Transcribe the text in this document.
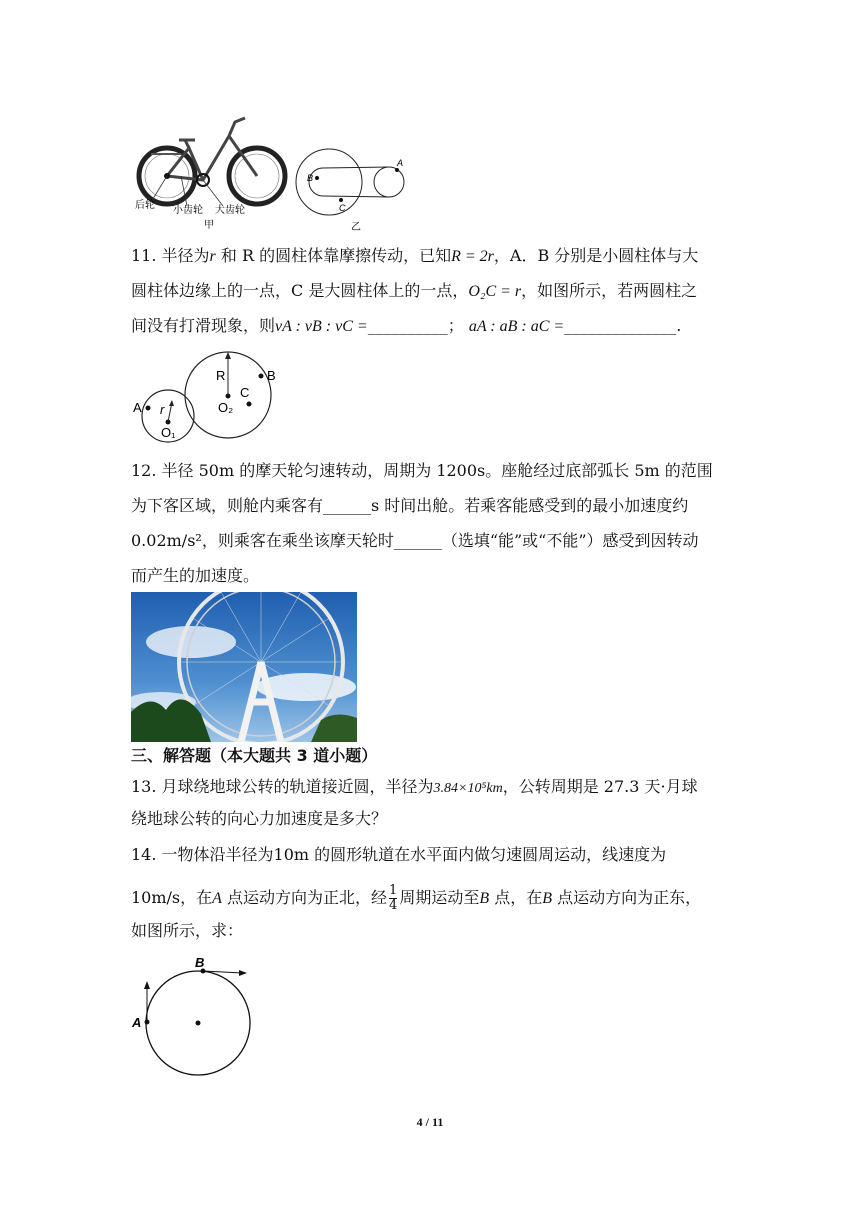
后轮 小齿轮 大齿轮
甲
B
A
C
乙
11. 半径为r 和 R 的圆柱体靠摩擦传动，已知R = 2r，A．B 分别是小圆柱体与大
圆柱体边缘上的一点，C 是大圆柱体上的一点，O₂C = r，如图所示，若两圆柱之
间没有打滑现象，则vA : vB : vC =__________； aA : aB : aC =______________.
R	B
C
A r
O₁
O₂
12. 半径 50m 的摩天轮匀速转动，周期为 1200s。座舱经过底部弧长 5m 的范围
为下客区域，则舱内乘客有______s 时间出舱。若乘客能感受到的最小加速度约
0.02m/s²，则乘客在乘坐该摩天轮时______（选填“能”或“不能”）感受到因转动
而产生的加速度。
三、解答题（本大题共 3 道小题）
13. 月球绕地球公转的轨道接近圆，半径为3.84×10⁵km，公转周期是 27.3 天·月球
绕地球公转的向心力加速度是多大？
14. 一物体沿半径为10m 的圆形轨道在水平面内做匀速圆周运动，线速度为
10m/s，在A 点运动方向为正北，经 $\frac{1}{4}$ 周期运动至B 点，在B 点运动方向为正东，
如图所示，求：
A
B
4 / 11
